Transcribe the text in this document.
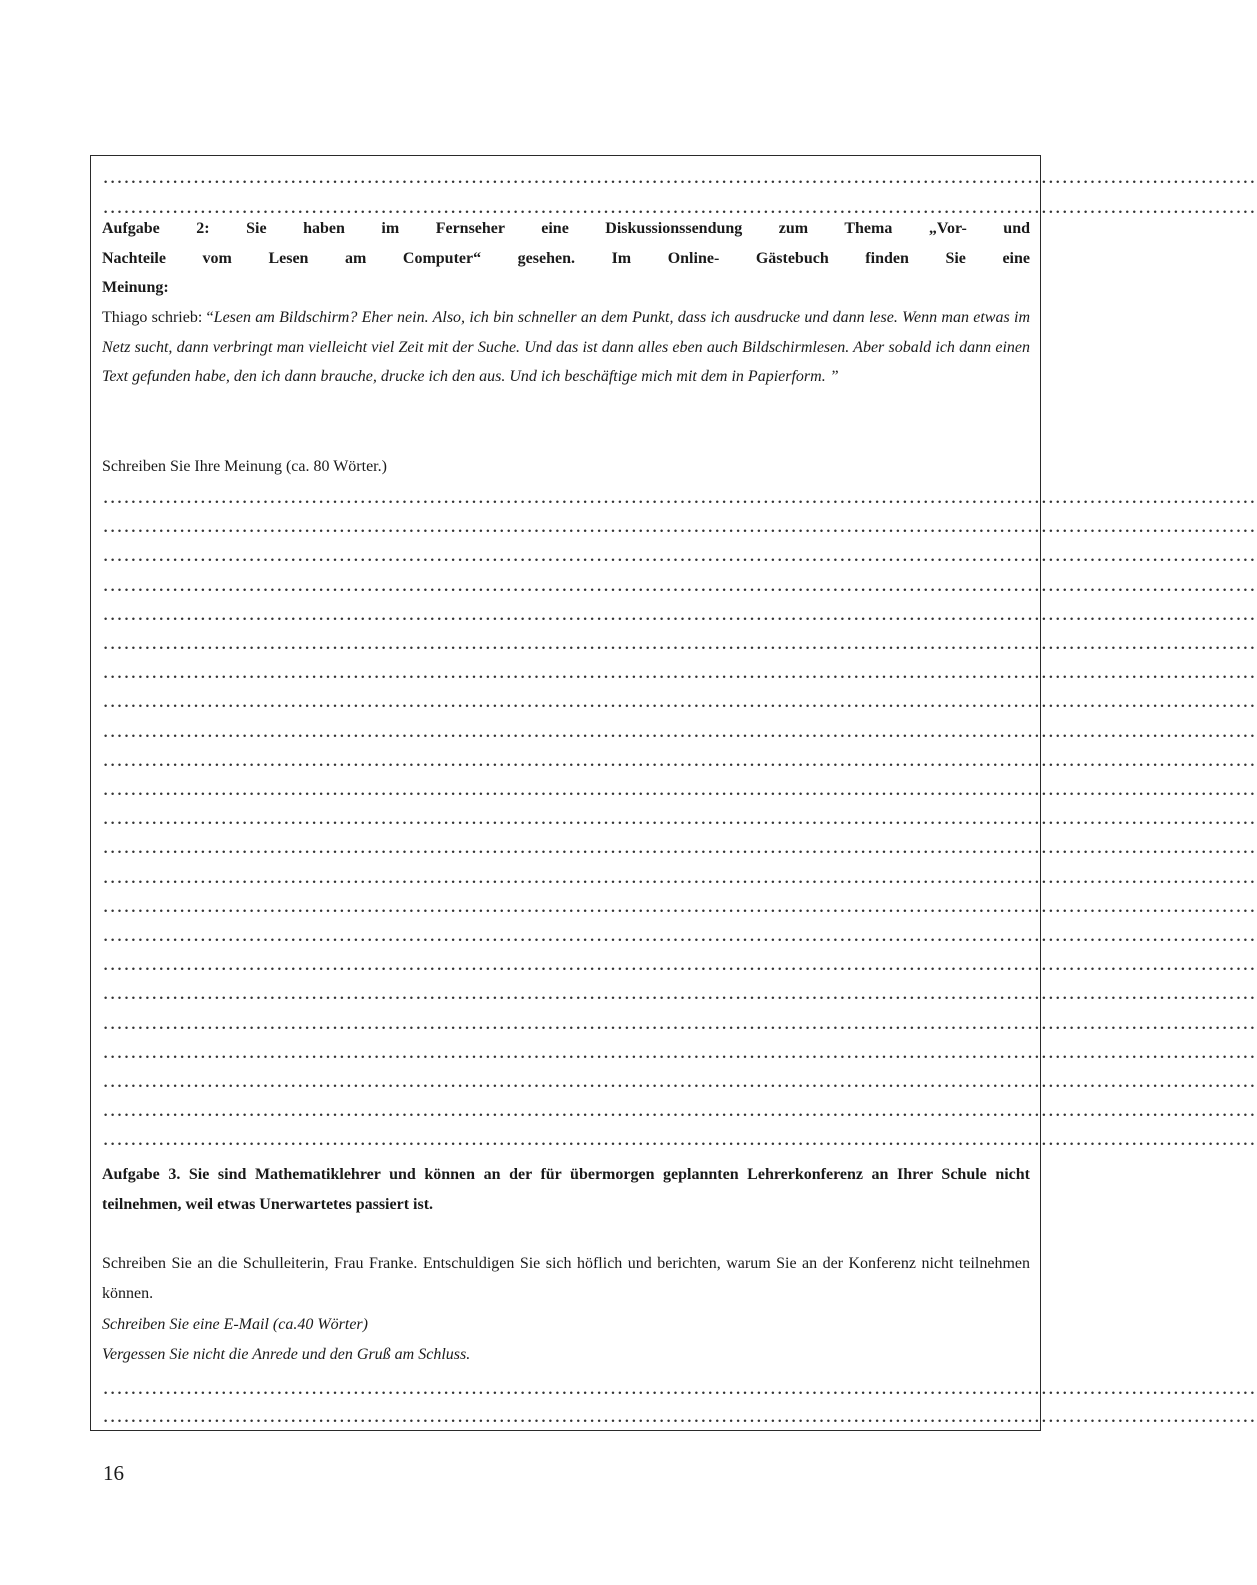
......................................................................................................................................................................
......................................................................................................................................................................
Aufgabe 2: Sie haben im Fernseher eine Diskussionssendung zum Thema „Vor- und
Nachteile vom Lesen am Computer“ gesehen. Im Online- Gästebuch finden Sie eine
Meinung:
Thiago schrieb: “Lesen am Bildschirm? Eher nein. Also, ich bin schneller an dem Punkt, dass ich ausdrucke und dann lese. Wenn man etwas im Netz sucht, dann verbringt man vielleicht viel Zeit mit der Suche. Und das ist dann alles eben auch Bildschirmlesen. Aber sobald ich dann einen Text gefunden habe, den ich dann brauche, drucke ich den aus. Und ich beschäftige mich mit dem in Papierform. ”
Schreiben Sie Ihre Meinung (ca. 80 Wörter.)
......................................................................................................................................................................
......................................................................................................................................................................
......................................................................................................................................................................
......................................................................................................................................................................
......................................................................................................................................................................
......................................................................................................................................................................
......................................................................................................................................................................
......................................................................................................................................................................
......................................................................................................................................................................
......................................................................................................................................................................
......................................................................................................................................................................
......................................................................................................................................................................
......................................................................................................................................................................
......................................................................................................................................................................
......................................................................................................................................................................
......................................................................................................................................................................
......................................................................................................................................................................
......................................................................................................................................................................
......................................................................................................................................................................
......................................................................................................................................................................
......................................................................................................................................................................
......................................................................................................................................................................
......................................................................................................................................................................
Aufgabe 3. Sie sind Mathematiklehrer und können an der für übermorgen geplannten Lehrerkonferenz an Ihrer Schule nicht teilnehmen, weil etwas Unerwartetes passiert ist.
Schreiben Sie an die Schulleiterin, Frau Franke. Entschuldigen Sie sich höflich und berichten, warum Sie an der Konferenz nicht teilnehmen können.
Schreiben Sie eine E-Mail (ca.40 Wörter)
Vergessen Sie nicht die Anrede und den Gruß am Schluss.
......................................................................................................................................................................
......................................................................................................................................................................
16
